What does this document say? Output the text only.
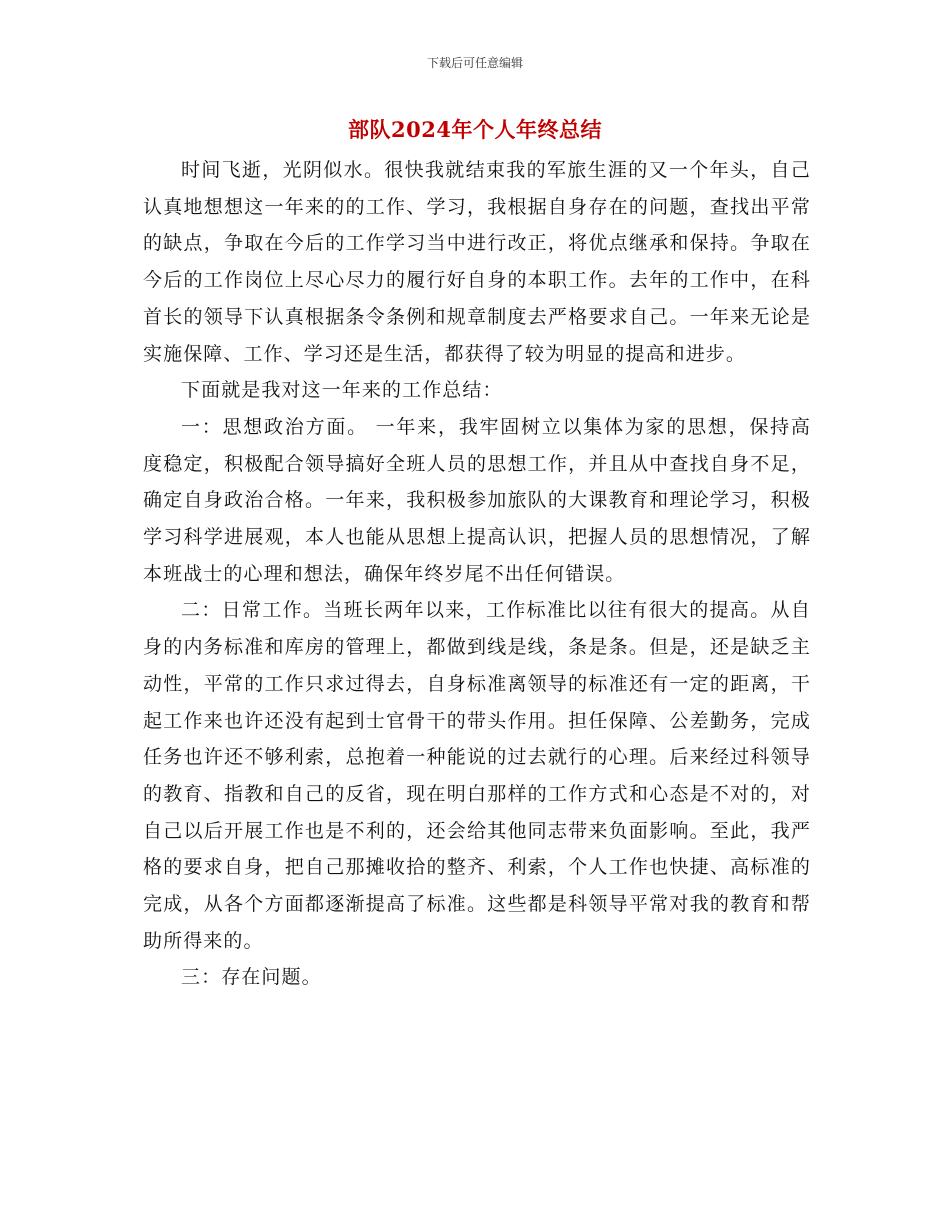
下载后可任意编辑
部队2024年个人年终总结

时间飞逝，光阴似水。很快我就结束我的军旅生涯的又一个年头，自己认真地想想这一年来的的工作、学习，我根据自身存在的问题，查找出平常的缺点，争取在今后的工作学习当中进行改正，将优点继承和保持。争取在今后的工作岗位上尽心尽力的履行好自身的本职工作。去年的工作中，在科首长的领导下认真根据条令条例和规章制度去严格要求自己。一年来无论是实施保障、工作、学习还是生活，都获得了较为明显的提高和进步。

下面就是我对这一年来的工作总结：

一：思想政治方面。 一年来，我牢固树立以集体为家的思想，保持高度稳定，积极配合领导搞好全班人员的思想工作，并且从中查找自身不足，确定自身政治合格。一年来，我积极参加旅队的大课教育和理论学习，积极学习科学进展观，本人也能从思想上提高认识，把握人员的思想情况，了解本班战士的心理和想法，确保年终岁尾不出任何错误。

二：日常工作。当班长两年以来，工作标准比以往有很大的提高。从自身的内务标准和库房的管理上，都做到线是线，条是条。但是，还是缺乏主动性，平常的工作只求过得去，自身标准离领导的标准还有一定的距离，干起工作来也许还没有起到士官骨干的带头作用。担任保障、公差勤务，完成任务也许还不够利索，总抱着一种能说的过去就行的心理。后来经过科领导的教育、指教和自己的反省，现在明白那样的工作方式和心态是不对的，对自己以后开展工作也是不利的，还会给其他同志带来负面影响。至此，我严格的要求自身，把自己那摊收拾的整齐、利索，个人工作也快捷、高标准的完成，从各个方面都逐渐提高了标准。这些都是科领导平常对我的教育和帮助所得来的。

三：存在问题。
